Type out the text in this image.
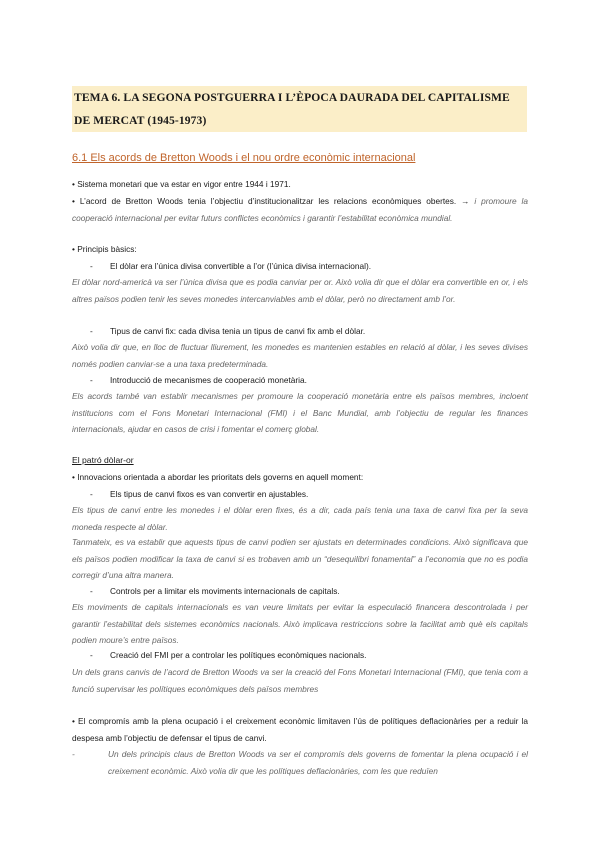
TEMA 6. LA SEGONA POSTGUERRA I L’ÈPOCA DAURADA DEL CAPITALISME
DE MERCAT (1945-1973)
6.1 Els acords de Bretton Woods i el nou ordre econòmic internacional
• Sistema monetari que va estar en vigor entre 1944 i 1971.
• L’acord de Bretton Woods tenia l’objectiu d’institucionalitzar les relacions econòmiques obertes. → i promoure la cooperació internacional per evitar futurs conflictes econòmics i garantir l’estabilitat econòmica mundial.
• Principis bàsics:
- El dòlar era l’única divisa convertible a l’or (l’única divisa internacional).
El dòlar nord-americà va ser l’única divisa que es podia canviar per or. Això volia dir que el dòlar era convertible en or, i els altres països podien tenir les seves monedes intercanviables amb el dòlar, però no directament amb l’or.
- Tipus de canvi fix: cada divisa tenia un tipus de canvi fix amb el dòlar.
Això volia dir que, en lloc de fluctuar lliurement, les monedes es mantenien estables en relació al dòlar, i les seves divises només podien canviar-se a una taxa predeterminada.
- Introducció de mecanismes de cooperació monetària.
Els acords també van establir mecanismes per promoure la cooperació monetària entre els països membres, incloent institucions com el Fons Monetari Internacional (FMI) i el Banc Mundial, amb l’objectiu de regular les finances internacionals, ajudar en casos de crisi i fomentar el comerç global.
El patró dòlar-or
• Innovacions orientada a abordar les prioritats dels governs en aquell moment:
- Els tipus de canvi fixos es van convertir en ajustables.
Els tipus de canvi entre les monedes i el dòlar eren fixes, és a dir, cada país tenia una taxa de canvi fixa per la seva moneda respecte al dòlar.
Tanmateix, es va establir que aquests tipus de canvi podien ser ajustats en determinades condicions. Això significava que els països podien modificar la taxa de canvi si es trobaven amb un “desequilibri fonamental” a l’economia que no es podia corregir d’una altra manera.
- Controls per a limitar els moviments internacionals de capitals.
Els moviments de capitals internacionals es van veure limitats per evitar la especulació financera descontrolada i per garantir l’estabilitat dels sistemes econòmics nacionals. Això implicava restriccions sobre la facilitat amb què els capitals podien moure’s entre països.
- Creació del FMI per a controlar les polítiques econòmiques nacionals.
Un dels grans canvis de l’acord de Bretton Woods va ser la creació del Fons Monetari Internacional (FMI), que tenia com a funció supervisar les polítiques econòmiques dels països membres
• El compromís amb la plena ocupació i el creixement econòmic limitaven l’ús de polítiques deflacionàries per a reduir la despesa amb l’objectiu de defensar el tipus de canvi.
-	Un dels principis claus de Bretton Woods va ser el compromís dels governs de fomentar la plena ocupació i el creixement econòmic. Això volia dir que les polítiques deflacionàries, com les que reduïen
